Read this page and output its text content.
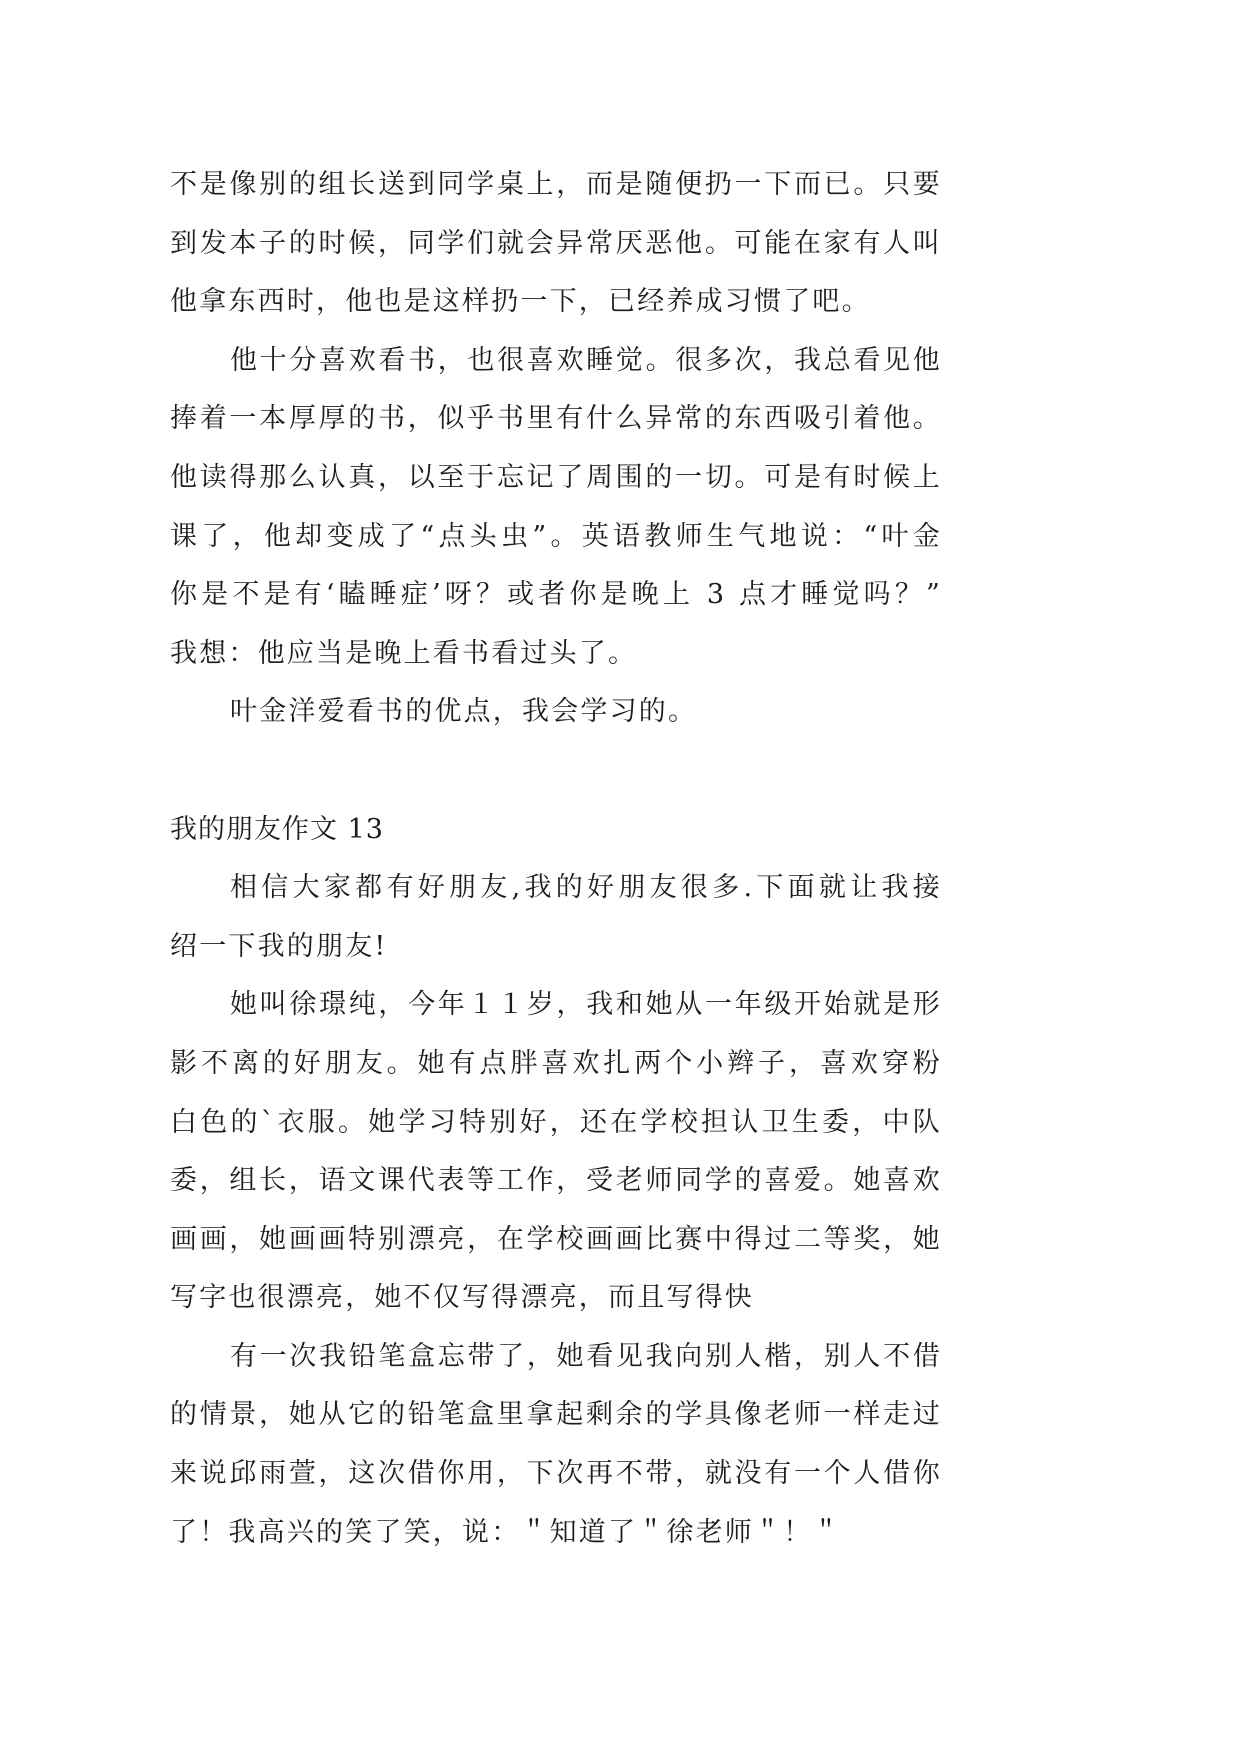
不是像别的组长送到同学桌上，而是随便扔一下而已。只要
到发本子的时候，同学们就会异常厌恶他。可能在家有人叫
他拿东西时，他也是这样扔一下，已经养成习惯了吧。
他十分喜欢看书，也很喜欢睡觉。很多次，我总看见他
捧着一本厚厚的书，似乎书里有什么异常的东西吸引着他。
他读得那么认真，以至于忘记了周围的一切。可是有时候上
课了，他却变成了“点头虫”。英语教师生气地说：“叶金
你是不是有‘瞌睡症’呀？或者你是晚上 3 点才睡觉吗？”
我想：他应当是晚上看书看过头了。
叶金洋爱看书的优点，我会学习的。
我的朋友作文 13
相信大家都有好朋友,我的好朋友很多.下面就让我接
绍一下我的朋友!
她叫徐璟纯，今年１１岁，我和她从一年级开始就是形
影不离的好朋友。她有点胖喜欢扎两个小辫子，喜欢穿粉
白色的`衣服。她学习特别好，还在学校担认卫生委，中队
委，组长，语文课代表等工作，受老师同学的喜爱。她喜欢
画画，她画画特别漂亮，在学校画画比赛中得过二等奖，她
写字也很漂亮，她不仅写得漂亮，而且写得快
有一次我铅笔盒忘带了，她看见我向别人楷，别人不借
的情景，她从它的铅笔盒里拿起剩余的学具像老师一样走过
来说邱雨萱，这次借你用，下次再不带，就没有一个人借你
了！我高兴的笑了笑，说：＂知道了＂徐老师＂！＂
